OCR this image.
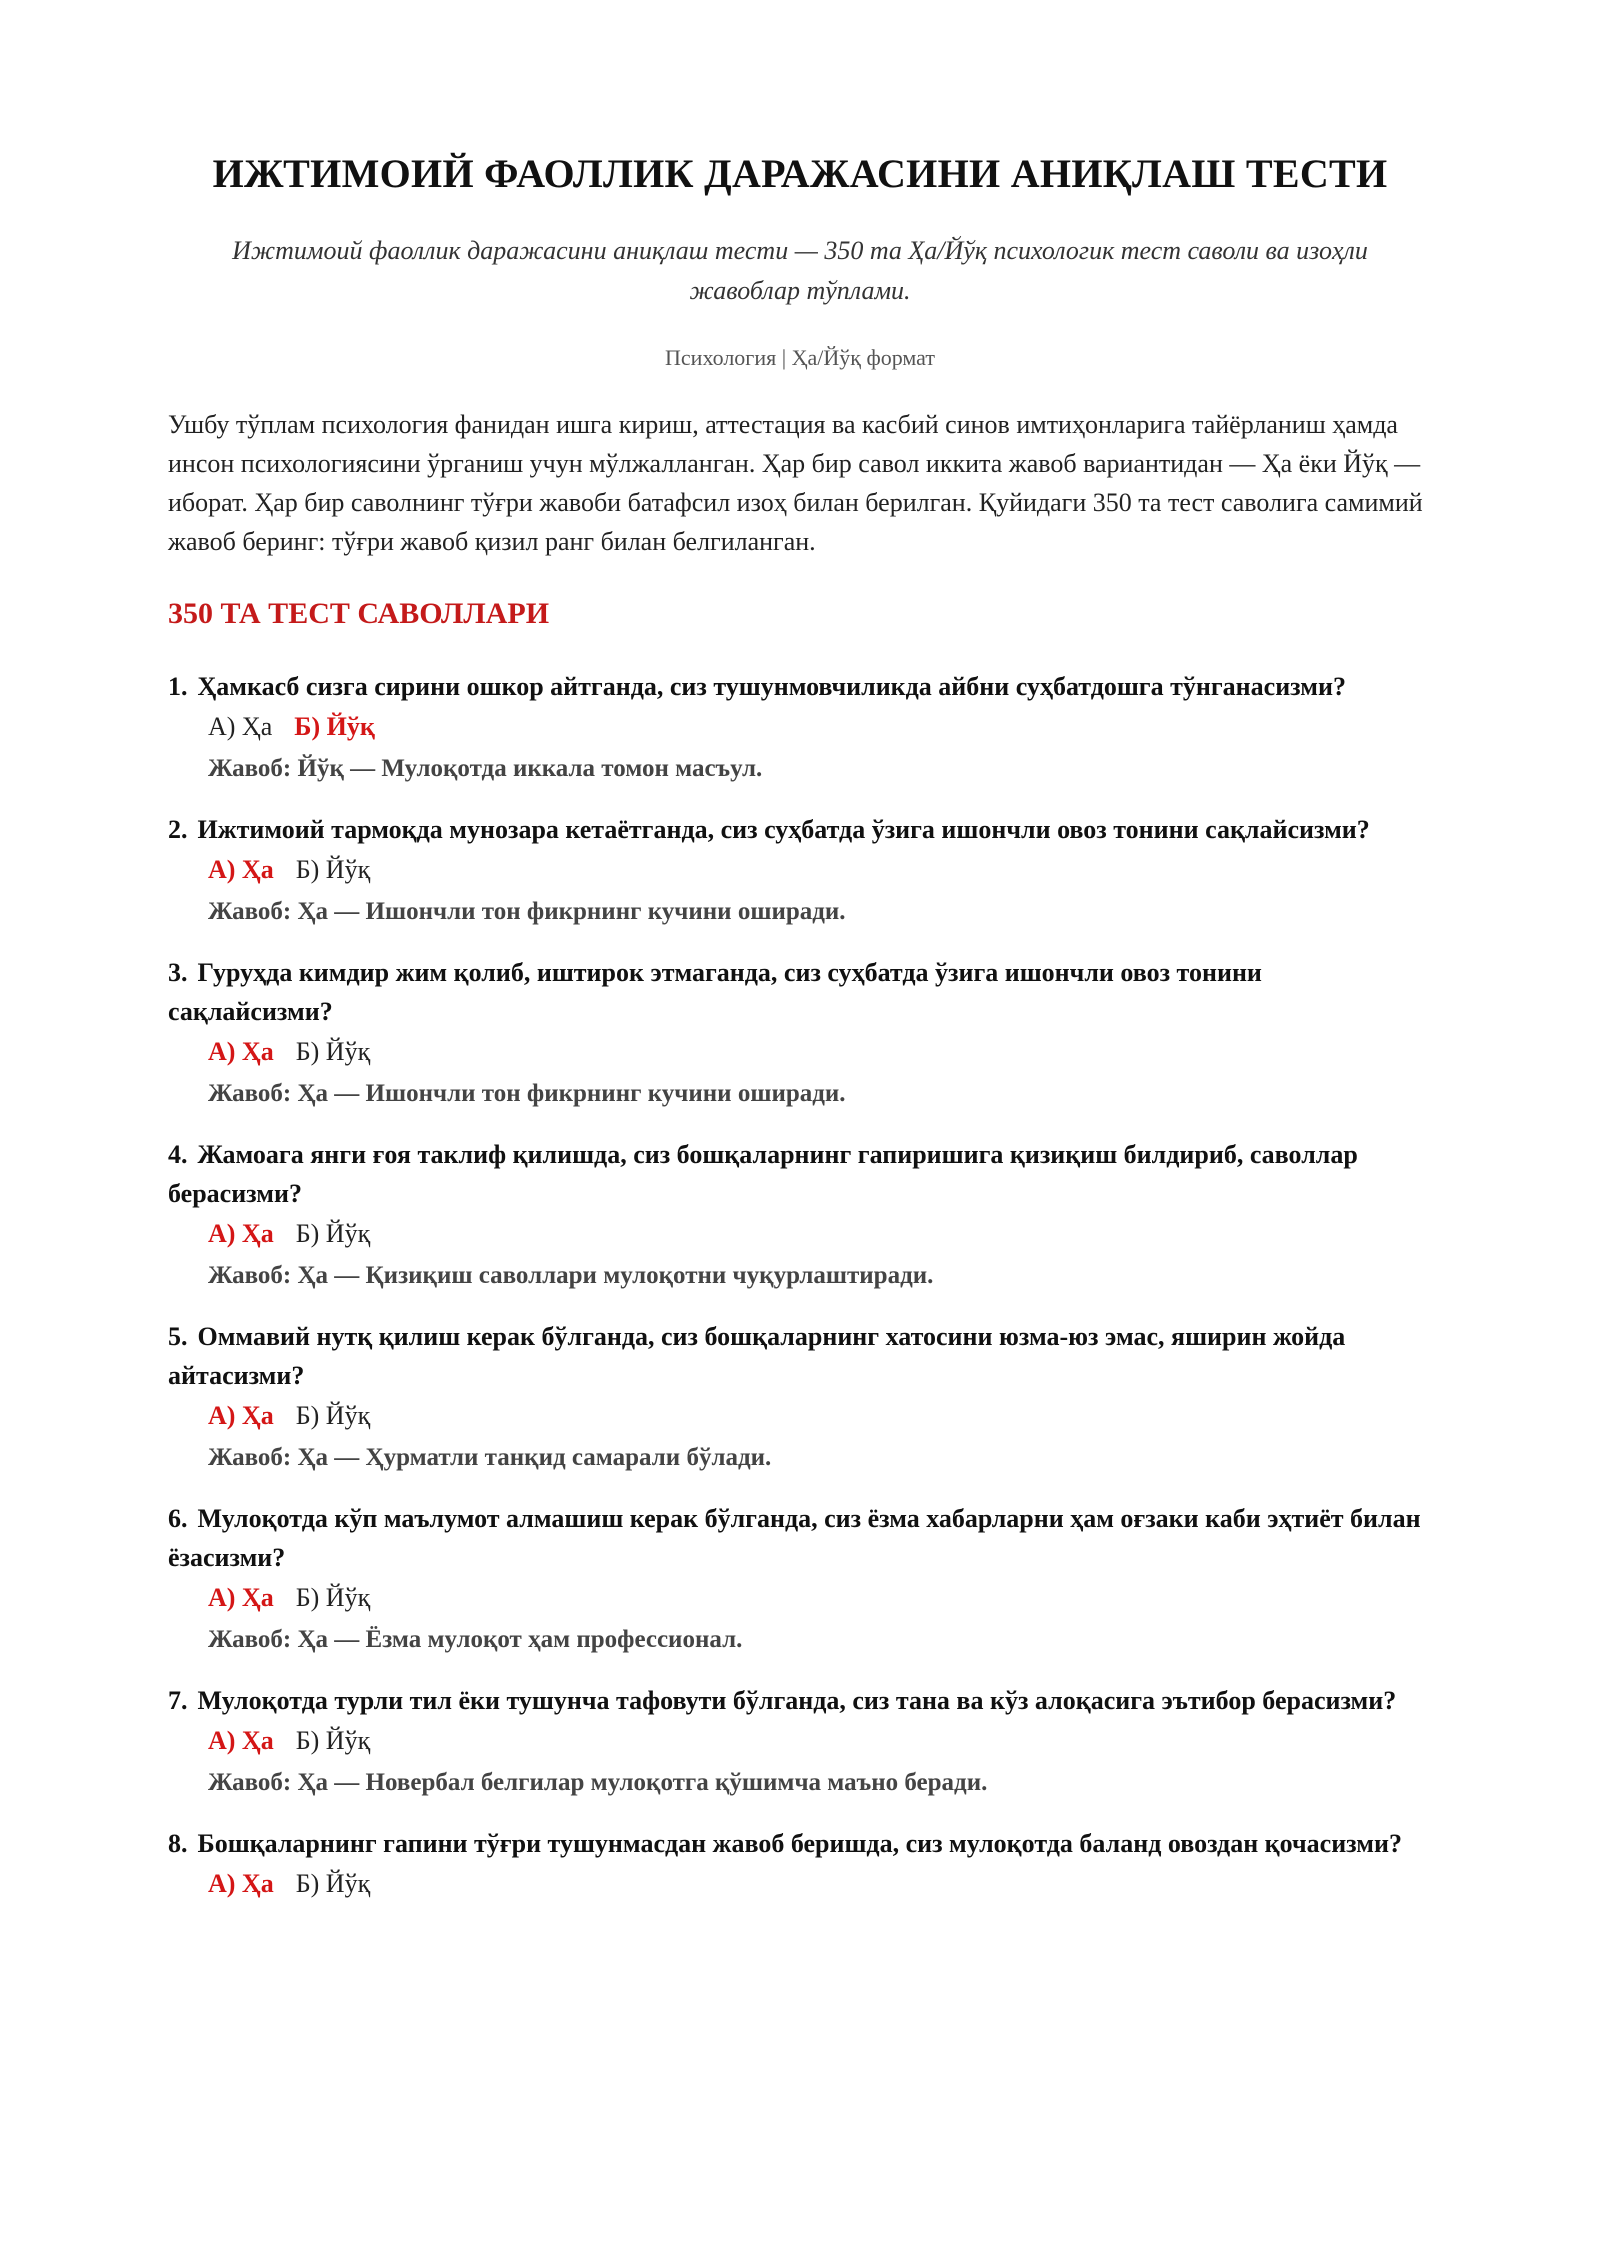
ИЖТИМОИЙ ФАОЛЛИК ДАРАЖАСИНИ АНИҚЛАШ ТЕСТИ
Ижтимоий фаоллик даражасини аниқлаш тести — 350 та Ҳа/Йўқ психологик тест саволи ва изоҳли жавоблар тўплами.
Психология | Ҳа/Йўқ формат
Ушбу тўплам психология фанидан ишга кириш, аттестация ва касбий синов имтиҳонларига тайёрланиш ҳамда инсон психологиясини ўрганиш учун мўлжалланган. Ҳар бир савол иккита жавоб вариантидан — Ҳа ёки Йўқ — иборат. Ҳар бир саволнинг тўғри жавоби батафсил изоҳ билан берилган. Қуйидаги 350 та тест саволига самимий жавоб беринг: тўғри жавоб қизил ранг билан белгиланган.
350 ТА ТЕСТ САВОЛЛАРИ
1. Ҳамкасб сизга сирини ошкор айтганда, сиз тушунмовчиликда айбни суҳбатдошга тўнганасизми?
А) Ҳа Б) Йўқ
Жавоб: Йўқ — Мулоқотда иккала томон масъул.
2. Ижтимоий тармоқда мунозара кетаётганда, сиз суҳбатда ўзига ишончли овоз тонини сақлайсизми?
А) Ҳа Б) Йўқ
Жавоб: Ҳа — Ишончли тон фикрнинг кучини оширади.
3. Гуруҳда кимдир жим қолиб, иштирок этмаганда, сиз суҳбатда ўзига ишончли овоз тонини сақлайсизми?
А) Ҳа Б) Йўқ
Жавоб: Ҳа — Ишончли тон фикрнинг кучини оширади.
4. Жамоага янги ғоя таклиф қилишда, сиз бошқаларнинг гапиришига қизиқиш билдириб, саволлар берасизми?
А) Ҳа Б) Йўқ
Жавоб: Ҳа — Қизиқиш саволлари мулоқотни чуқурлаштиради.
5. Оммавий нутқ қилиш керак бўлганда, сиз бошқаларнинг хатосини юзма-юз эмас, яширин жойда айтасизми?
А) Ҳа Б) Йўқ
Жавоб: Ҳа — Ҳурматли танқид самарали бўлади.
6. Мулоқотда кўп маълумот алмашиш керак бўлганда, сиз ёзма хабарларни ҳам оғзаки каби эҳтиёт билан ёзасизми?
А) Ҳа Б) Йўқ
Жавоб: Ҳа — Ёзма мулоқот ҳам профессионал.
7. Мулоқотда турли тил ёки тушунча тафовути бўлганда, сиз тана ва кўз алоқасига эътибор берасизми?
А) Ҳа Б) Йўқ
Жавоб: Ҳа — Новербал белгилар мулоқотга қўшимча маъно беради.
8. Бошқаларнинг гапини тўғри тушунмасдан жавоб беришда, сиз мулоқотда баланд овоздан қочасизми?
А) Ҳа Б) Йўқ
